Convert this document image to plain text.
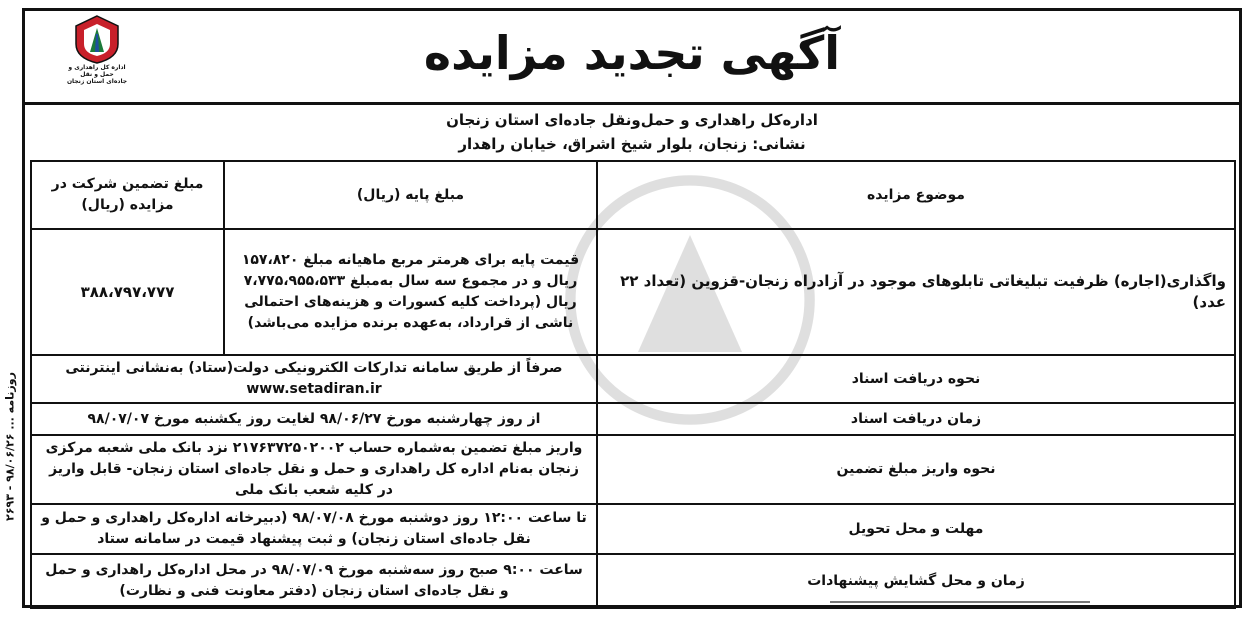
روزنامه ... ۹۸/۰۶/۲۶ - ۲۶۹۳
اداره کل راهداری و حمل و نقل
جاده‌ای استان زنجان
آگهی تجدید مزایده
اداره‌کل راهداری و حمل‌ونقل جاده‌ای استان زنجان
نشانی: زنجان، بلوار شیخ اشراق، خیابان راهدار
موضوع مزایده	مبلغ پایه (ریال)	مبلغ تضمین شرکت در مزایده (ریال)
واگذاری(اجاره) ظرفیت تبلیغاتی تابلوهای موجود در آزادراه زنجان-قزوین (تعداد ۲۲ عدد)	قیمت پایه برای هرمتر مربع ماهیانه مبلغ ۱۵۷،۸۲۰ ریال و در مجموع سه سال به‌مبلغ ۷،۷۷۵،۹۵۵،۵۳۳ ریال (پرداخت کلیه کسورات و هزینه‌های احتمالی ناشی از قرارداد، به‌عهده برنده مزایده می‌باشد)	۳۸۸،۷۹۷،۷۷۷
نحوه دریافت اسناد	صرفاً از طریق سامانه تدارکات الکترونیکی دولت(ستاد) به‌نشانی اینترنتی www.setadiran.ir	
زمان دریافت اسناد	از روز چهارشنبه مورخ ۹۸/۰۶/۲۷ لغایت روز یکشنبه مورخ ۹۸/۰۷/۰۷	
نحوه واریز مبلغ تضمین	واریز مبلغ تضمین به‌شماره حساب ۲۱۷۶۳۷۲۵۰۲۰۰۲ نزد بانک ملی شعبه مرکزی زنجان به‌نام اداره کل راهداری و حمل و نقل جاده‌ای استان زنجان- قابل واریز در کلیه شعب بانک ملی	
مهلت و محل تحویل	تا ساعت ۱۲:۰۰ روز دوشنبه مورخ ۹۸/۰۷/۰۸ (دبیرخانه اداره‌کل راهداری و حمل و نقل جاده‌ای استان زنجان) و ثبت پیشنهاد قیمت در سامانه ستاد	
زمان و محل گشایش پیشنهادات	ساعت ۹:۰۰ صبح روز سه‌شنبه مورخ ۹۸/۰۷/۰۹ در محل اداره‌کل راهداری و حمل و نقل جاده‌ای استان زنجان (دفتر معاونت فنی و نظارت)	
